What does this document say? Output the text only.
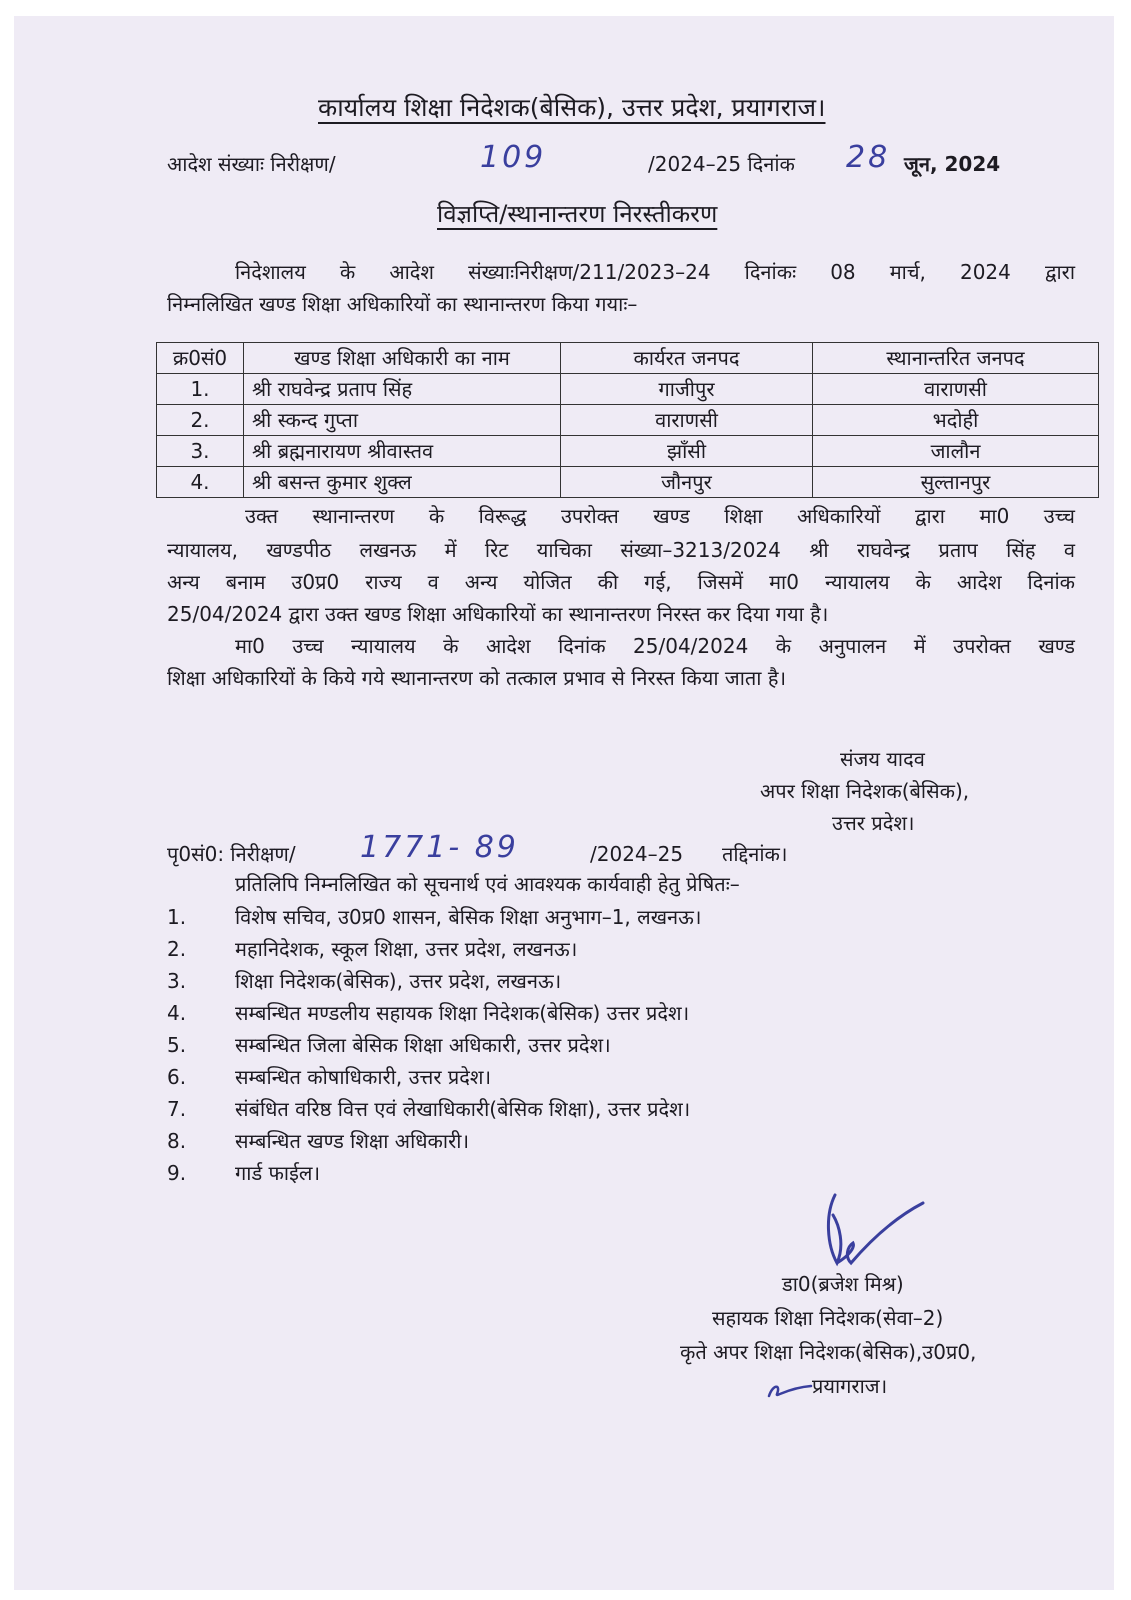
कार्यालय शिक्षा निदेशक(बेसिक), उत्तर प्रदेश, प्रयागराज।
आदेश संख्याः निरीक्षण/	109	/2024–25 दिनांक 28 जून, 2024
विज्ञप्ति/स्थानान्तरण निरस्तीकरण
निदेशालय के आदेश संख्याःनिरीक्षण/211/2023–24 दिनांकः 08 मार्च, 2024 द्वारा
निम्नलिखित खण्ड शिक्षा अधिकारियों का स्थानान्तरण किया गयाः–
क्र0सं0	खण्ड शिक्षा अधिकारी का नाम	कार्यरत जनपद	स्थानान्तरित जनपद
1.	श्री राघवेन्द्र प्रताप सिंह	गाजीपुर	वाराणसी
2.	श्री स्कन्द गुप्ता	वाराणसी	भदोही
3.	श्री ब्रह्मनारायण श्रीवास्तव	झाँसी	जालौन
4.	श्री बसन्त कुमार शुक्ल	जौनपुर	सुल्तानपुर
उक्त स्थानान्तरण के विरूद्ध उपरोक्त खण्ड शिक्षा अधिकारियों द्वारा मा0 उच्च
न्यायालय, खण्डपीठ लखनऊ में रिट याचिका संख्या–3213/2024 श्री राघवेन्द्र प्रताप सिंह व
अन्य बनाम उ0प्र0 राज्य व अन्य योजित की गई, जिसमें मा0 न्यायालय के आदेश दिनांक
25/04/2024 द्वारा उक्त खण्ड शिक्षा अधिकारियों का स्थानान्तरण निरस्त कर दिया गया है।
मा0 उच्च न्यायालय के आदेश दिनांक 25/04/2024 के अनुपालन में उपरोक्त खण्ड
शिक्षा अधिकारियों के किये गये स्थानान्तरण को तत्काल प्रभाव से निरस्त किया जाता है।
संजय यादव
अपर शिक्षा निदेशक(बेसिक),
उत्तर प्रदेश।
पृ0सं0: निरीक्षण/ 1771- 89	/2024–25 तद्दिनांक।
प्रतिलिपि निम्नलिखित को सूचनार्थ एवं आवश्यक कार्यवाही हेतु प्रेषितः–
1. विशेष सचिव, उ0प्र0 शासन, बेसिक शिक्षा अनुभाग–1, लखनऊ।
2. महानिदेशक, स्कूल शिक्षा, उत्तर प्रदेश, लखनऊ।
3. शिक्षा निदेशक(बेसिक), उत्तर प्रदेश, लखनऊ।
4. सम्बन्धित मण्डलीय सहायक शिक्षा निदेशक(बेसिक) उत्तर प्रदेश।
5. सम्बन्धित जिला बेसिक शिक्षा अधिकारी, उत्तर प्रदेश।
6. सम्बन्धित कोषाधिकारी, उत्तर प्रदेश।
7. संबंधित वरिष्ठ वित्त एवं लेखाधिकारी(बेसिक शिक्षा), उत्तर प्रदेश।
8. सम्बन्धित खण्ड शिक्षा अधिकारी।
9. गार्ड फाईल।
डा0(ब्रजेश मिश्र)
सहायक शिक्षा निदेशक(सेवा–2)
कृते अपर शिक्षा निदेशक(बेसिक),उ0प्र0,
प्रयागराज।
